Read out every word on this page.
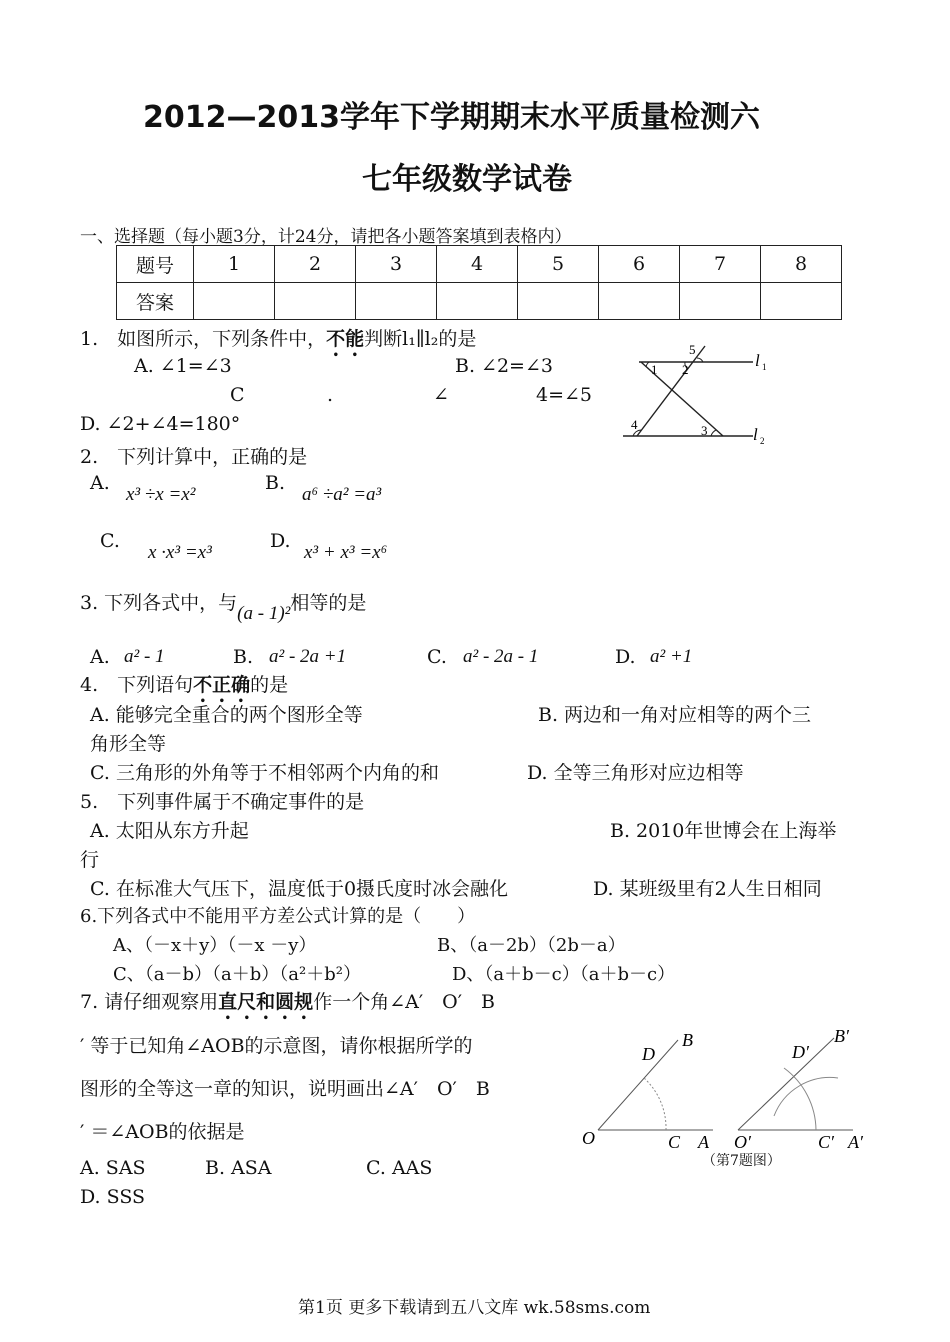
2012—2013学年下学期期末水平质量检测六
七年级数学试卷
一、选择题（每小题3分，计24分，请把各小题答案填到表格内）
题号	1	2	3	4	5	6	7	8
答案								
1.　如图所示，下列条件中，不能判断l₁∥l₂的是
A. ∠1=∠3	B. ∠2=∠3
C	.	∠	4=∠5
D. ∠2+∠4=180°
1 2
5
3
4
l 1
l 2
2.　下列计算中，正确的是
A.
x³ ÷x =x²
B.
a⁶ ÷a² =a³
C.
x ·x³ =x³
D.
x³ + x³ =x⁶
3. 下列各式中，与(a - 1)²相等的是
A. a² - 1	B. a² - 2a +1	C. a² - 2a - 1	D. a² +1
4.　下列语句不正确的是
A. 能够完全重合的两个图形全等	B. 两边和一角对应相等的两个三
角形全等
C. 三角形的外角等于不相邻两个内角的和	D. 全等三角形对应边相等
5.　下列事件属于不确定事件的是
A. 太阳从东方升起	B. 2010年世博会在上海举
行
C. 在标准大气压下，温度低于0摄氏度时冰会融化	D. 某班级里有2人生日相同
6.下列各式中不能用平方差公式计算的是（　　）
A、（－x＋y）（－x －y）	B、（a－2b）（2b－a）
C、（a－b）（a＋b）（a²＋b²）	D、（a＋b－c）（a＋b－c）
7. 请仔细观察用直尺和圆规作一个角∠A′　O′　B
′ 等于已知角∠AOB的示意图，请你根据所学的
图形的全等这一章的知识，说明画出∠A′　O′　B
′ ＝∠AOB的依据是
A. SAS	B. ASA	C. AAS
D. SSS
O	C A
D
B
O′	C′ A′
D′
B′
（第7题图）
第1页 更多下载请到五八文库 wk.58sms.com
